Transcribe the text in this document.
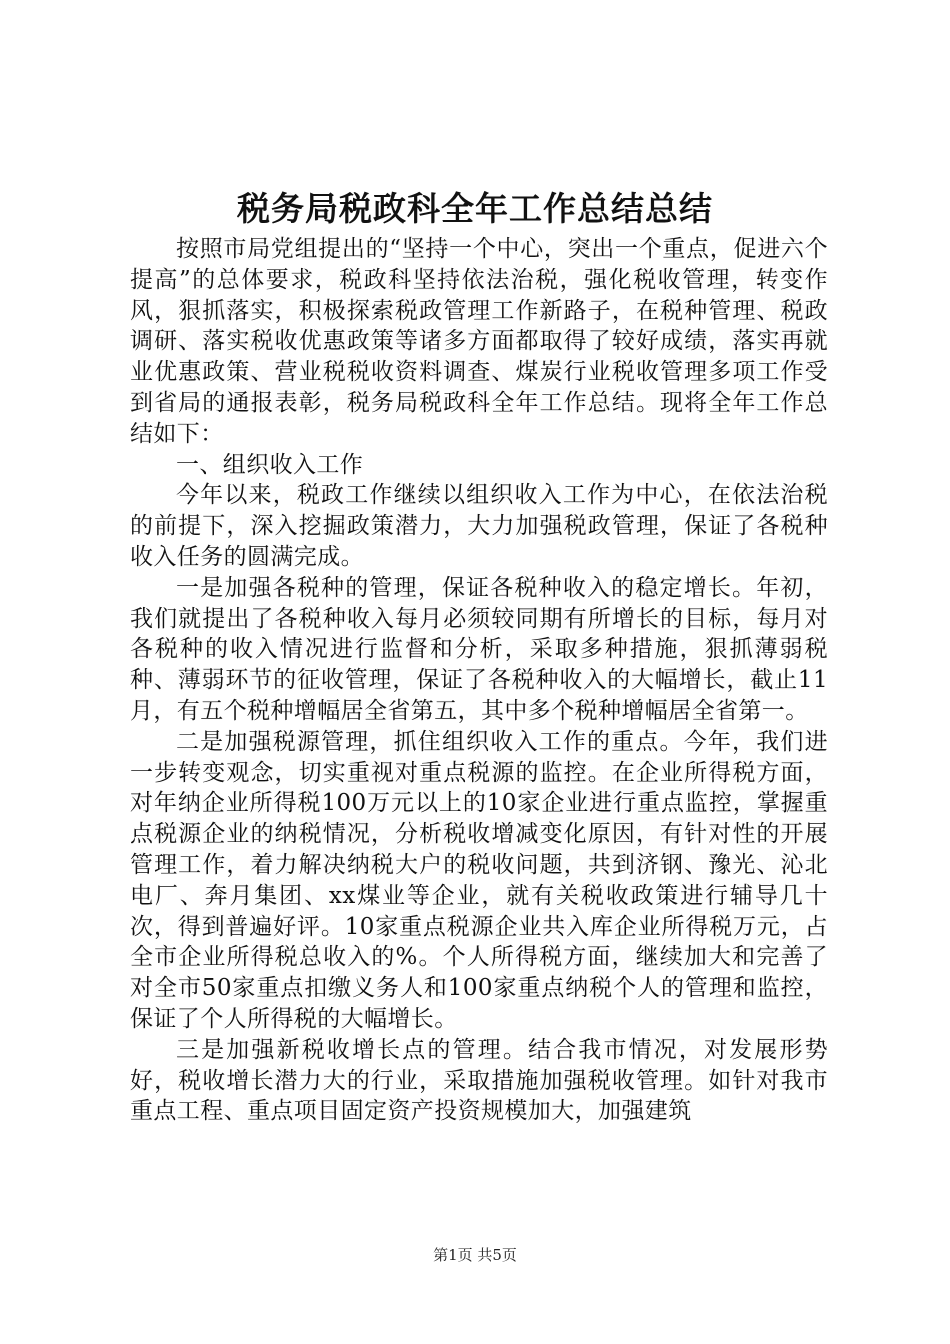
税务局税政科全年工作总结总结

按照市局党组提出的“坚持一个中心，突出一个重点，促进六个提高”的总体要求，税政科坚持依法治税，强化税收管理，转变作风，狠抓落实，积极探索税政管理工作新路子，在税种管理、税政调研、落实税收优惠政策等诸多方面都取得了较好成绩，落实再就业优惠政策、营业税税收资料调查、煤炭行业税收管理多项工作受到省局的通报表彰，税务局税政科全年工作总结。现将全年工作总结如下：

一、组织收入工作

今年以来，税政工作继续以组织收入工作为中心，在依法治税的前提下，深入挖掘政策潜力，大力加强税政管理，保证了各税种收入任务的圆满完成。

一是加强各税种的管理，保证各税种收入的稳定增长。年初，我们就提出了各税种收入每月必须较同期有所增长的目标，每月对各税种的收入情况进行监督和分析，采取多种措施，狠抓薄弱税种、薄弱环节的征收管理，保证了各税种收入的大幅增长，截止11月，有五个税种增幅居全省第五，其中多个税种增幅居全省第一。

二是加强税源管理，抓住组织收入工作的重点。今年，我们进一步转变观念，切实重视对重点税源的监控。在企业所得税方面，对年纳企业所得税100万元以上的10家企业进行重点监控，掌握重点税源企业的纳税情况，分析税收增减变化原因，有针对性的开展管理工作，着力解决纳税大户的税收问题，共到济钢、豫光、沁北电厂、奔月集团、xx煤业等企业，就有关税收政策进行辅导几十次，得到普遍好评。10家重点税源企业共入库企业所得税万元，占全市企业所得税总收入的%。个人所得税方面，继续加大和完善了对全市50家重点扣缴义务人和100家重点纳税个人的管理和监控，保证了个人所得税的大幅增长。

三是加强新税收增长点的管理。结合我市情况，对发展形势好，税收增长潜力大的行业，采取措施加强税收管理。如针对我市重点工程、重点项目固定资产投资规模加大，加强建筑

第1页 共5页
